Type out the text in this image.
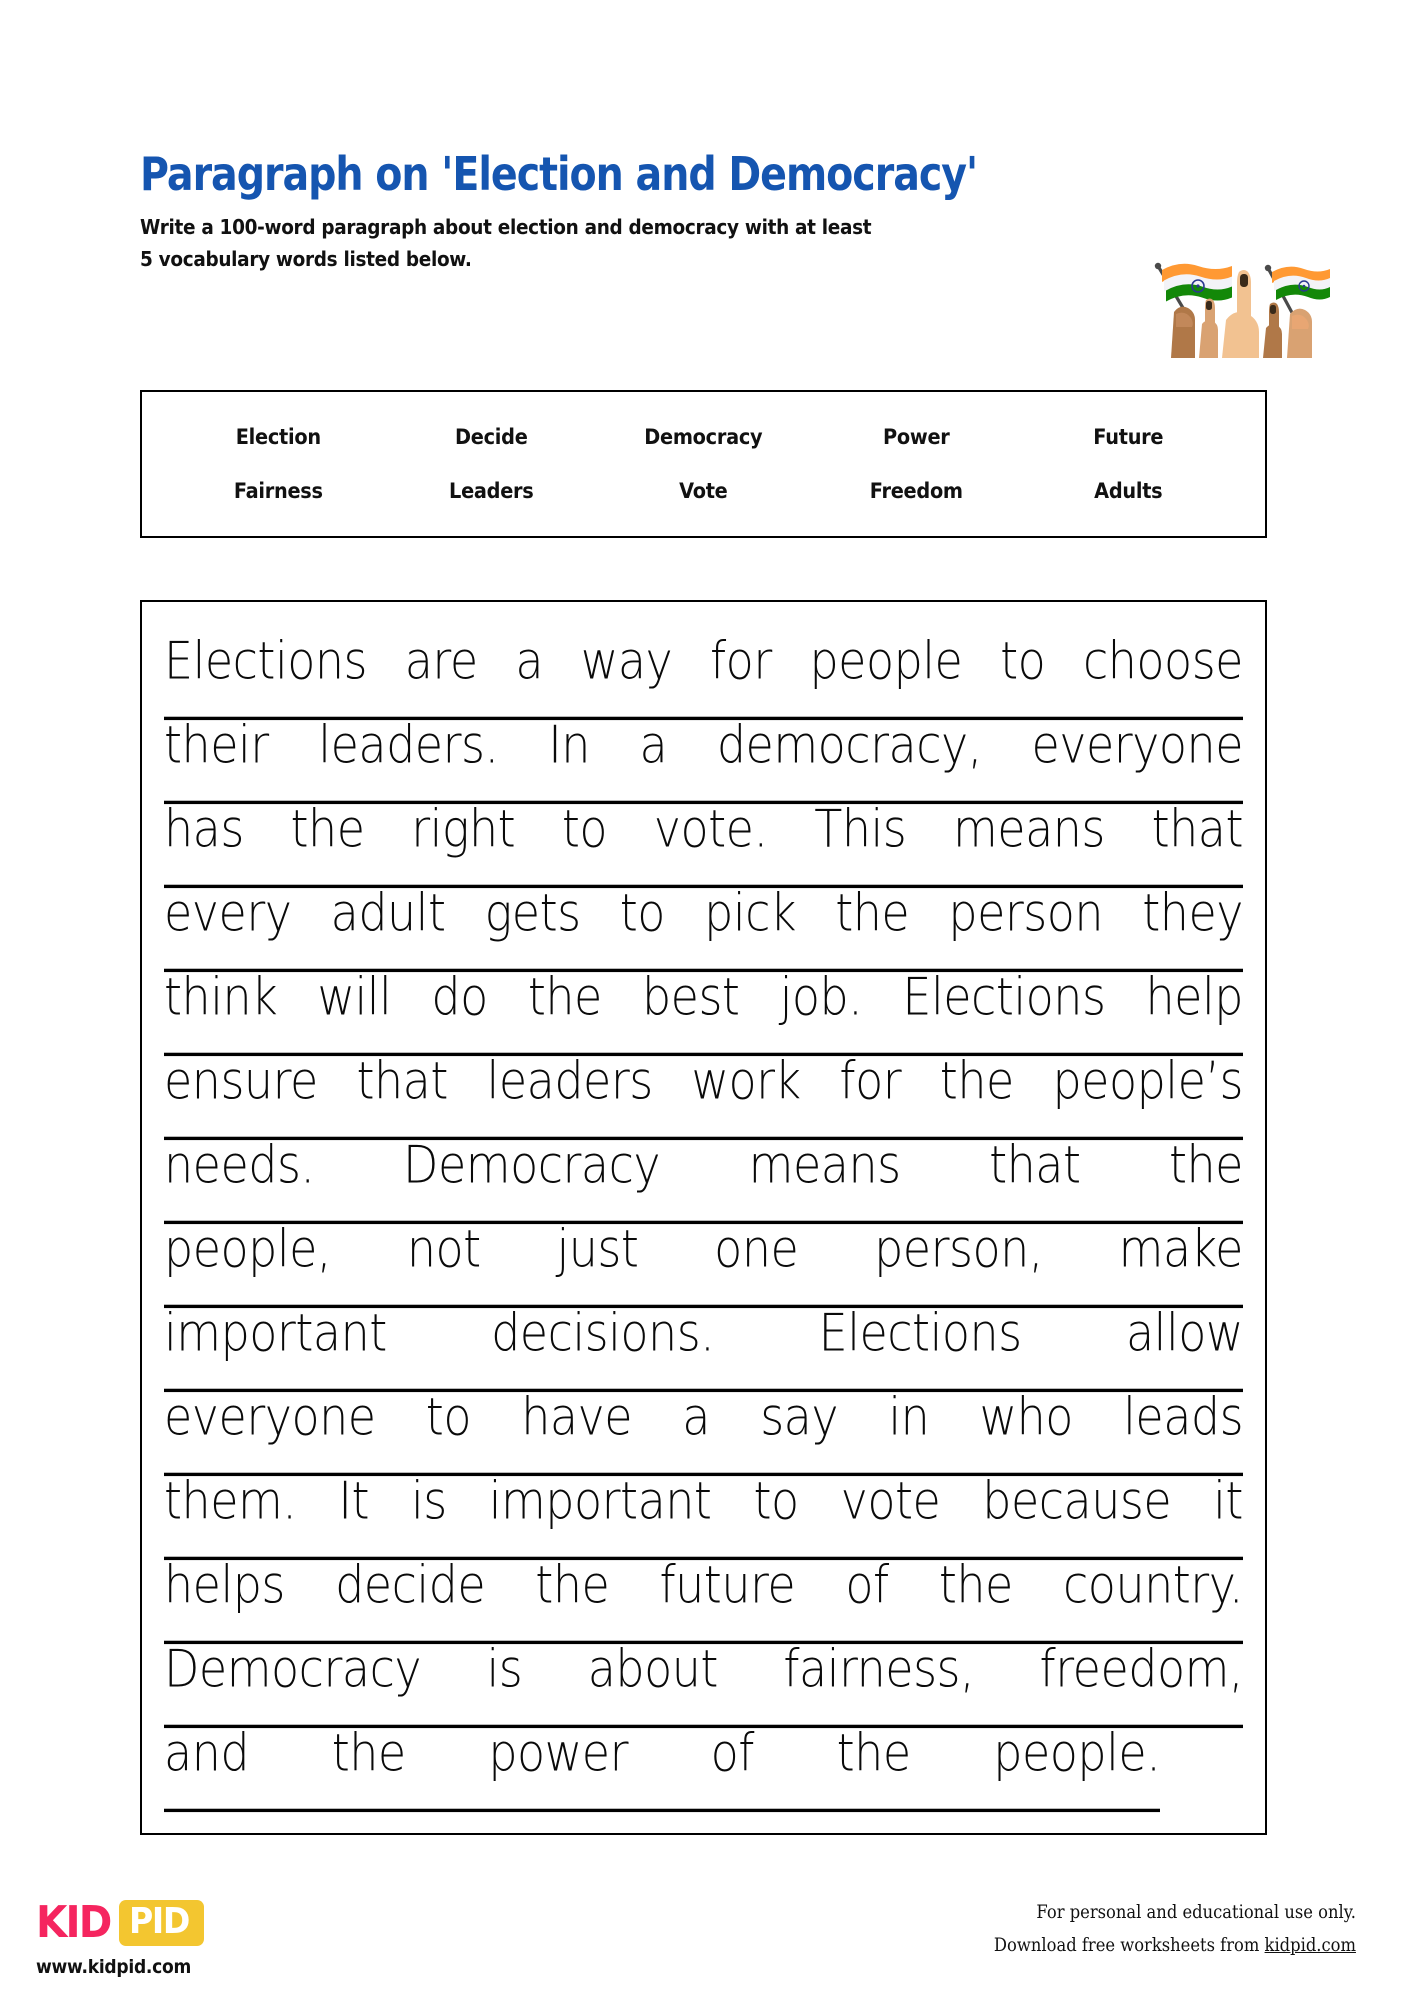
Paragraph on 'Election and Democracy'
Write a 100-word paragraph about election and democracy with at least 5 vocabulary words listed below.
Election	Decide	Democracy	Power	Future
Fairness	Leaders	Vote	Freedom	Adults
Elections
are
a
way
for
people
to
choose
their
leaders.
In
a
democracy,
everyone
has
the
right
to
vote.
This
means
that
every
adult
gets
to
pick
the
person
they
think
will
do
the
best
job.
Elections
help
ensure
that
leaders
work
for
the
people’s
needs.
Democracy
means
that
the
people,
not
just
one
person,
make
important
decisions.
Elections
allow
everyone
to
have
a
say
in
who
leads
them.
It
is
important
to
vote
because
it
helps
decide
the
future
of
the
country.
Democracy
is
about
fairness,
freedom,
and
the
power
of
the
people.

KID PID
www.kidpid.com
For personal and educational use only.
Download free worksheets from kidpid.com
